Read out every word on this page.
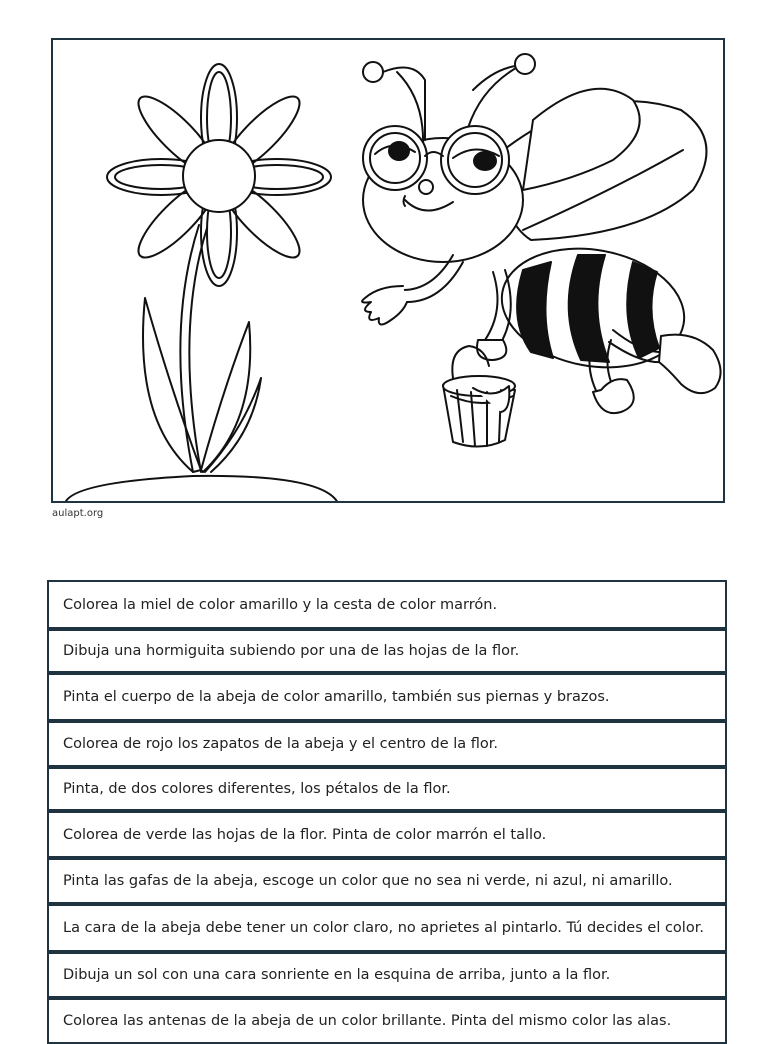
aulapt.org
Colorea la miel de color amarillo y la cesta de color marrón.
Dibuja una hormiguita subiendo por una de las hojas de la flor.
Pinta el cuerpo de la abeja de color amarillo, también sus piernas y brazos.
Colorea de rojo los zapatos de la abeja y el centro de la flor.
Pinta, de dos colores diferentes, los pétalos de la flor.
Colorea de verde las hojas de la flor. Pinta de color marrón el tallo.
Pinta las gafas de la abeja, escoge un color que no sea ni verde, ni azul, ni amarillo.
La cara de la abeja debe tener un color claro, no aprietes al pintarlo. Tú decides el color.
Dibuja un sol con una cara sonriente en la esquina de arriba, junto a la flor.
Colorea las antenas de la abeja de un color brillante. Pinta del mismo color las alas.
